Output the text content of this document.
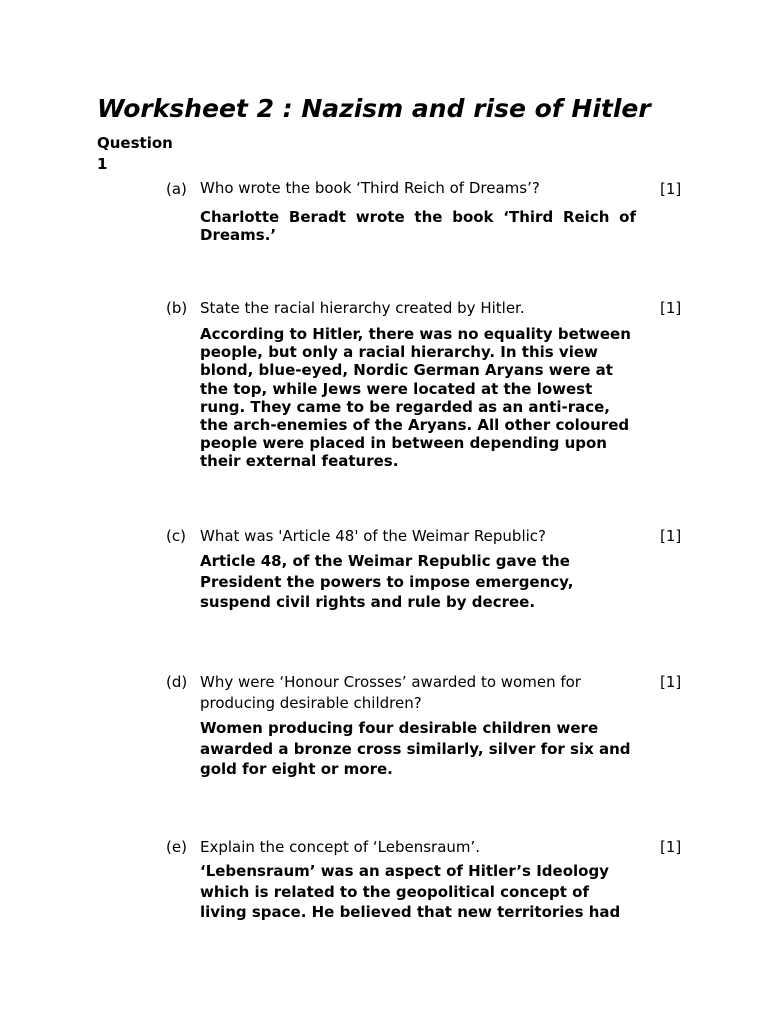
Worksheet 2 : Nazism and rise of Hitler
Question 1
(a) Who wrote the book ‘Third Reich of Dreams’?	[1]
Charlotte Beradt wrote the book ‘Third Reich of Dreams.’
(b) State the racial hierarchy created by Hitler.	[1]
According to Hitler, there was no equality between people, but only a racial hierarchy. In this view blond, blue-eyed, Nordic German Aryans were at the top, while Jews were located at the lowest rung. They came to be regarded as an anti-race, the arch-enemies of the Aryans. All other coloured people were placed in between depending upon their external features.
(c) What was 'Article 48' of the Weimar Republic?	[1]
Article 48, of the Weimar Republic gave the President the powers to impose emergency, suspend civil rights and rule by decree.
(d) Why were ‘Honour Crosses’ awarded to women for producing desirable children?
[1]
Women producing four desirable children were awarded a bronze cross similarly, silver for six and gold for eight or more.
(e) Explain the concept of ‘Lebensraum’.	[1]
‘Lebensraum’ was an aspect of Hitler’s Ideology which is related to the geopolitical concept of living space. He believed that new territories had
